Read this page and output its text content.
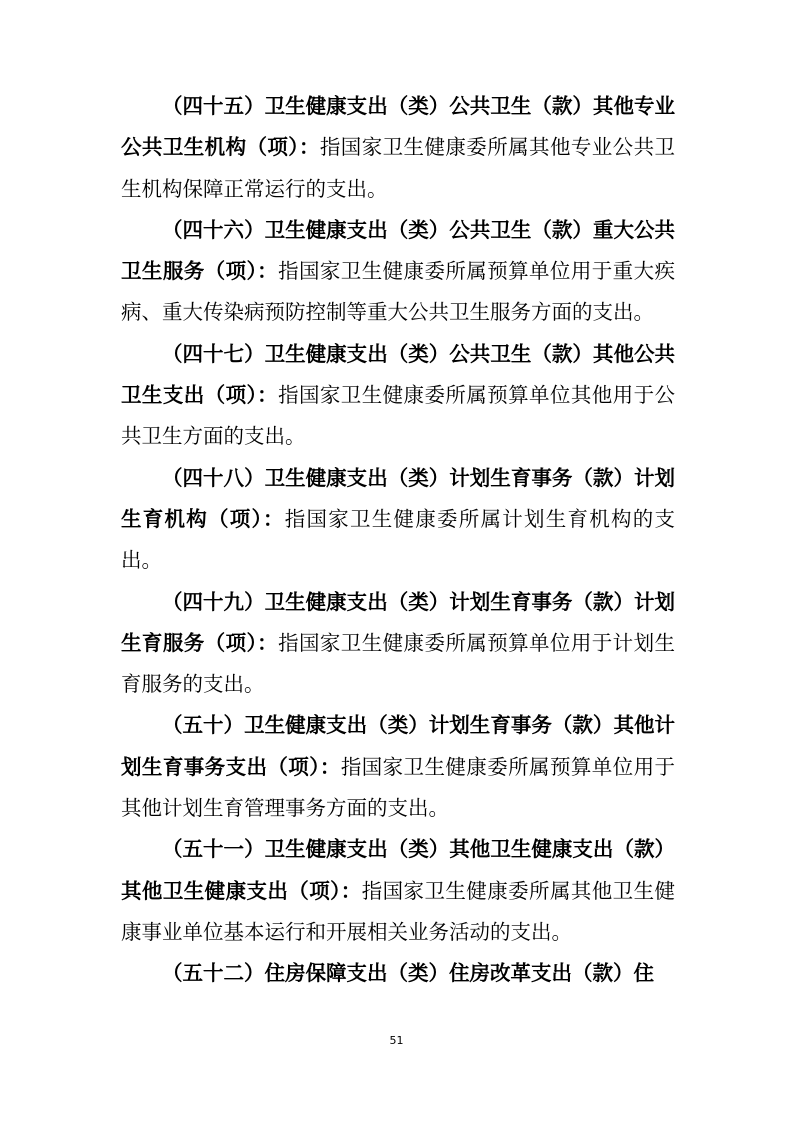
（四十五）卫生健康支出（类）公共卫生（款）其他专业公共卫生机构（项）：指国家卫生健康委所属其他专业公共卫生机构保障正常运行的支出。

（四十六）卫生健康支出（类）公共卫生（款）重大公共卫生服务（项）：指国家卫生健康委所属预算单位用于重大疾病、重大传染病预防控制等重大公共卫生服务方面的支出。

（四十七）卫生健康支出（类）公共卫生（款）其他公共卫生支出（项）：指国家卫生健康委所属预算单位其他用于公共卫生方面的支出。

（四十八）卫生健康支出（类）计划生育事务（款）计划生育机构（项）：指国家卫生健康委所属计划生育机构的支出。

（四十九）卫生健康支出（类）计划生育事务（款）计划生育服务（项）：指国家卫生健康委所属预算单位用于计划生育服务的支出。

（五十）卫生健康支出（类）计划生育事务（款）其他计划生育事务支出（项）：指国家卫生健康委所属预算单位用于其他计划生育管理事务方面的支出。

（五十一）卫生健康支出（类）其他卫生健康支出（款）其他卫生健康支出（项）：指国家卫生健康委所属其他卫生健康事业单位基本运行和开展相关业务活动的支出。

（五十二）住房保障支出（类）住房改革支出（款）住

51
